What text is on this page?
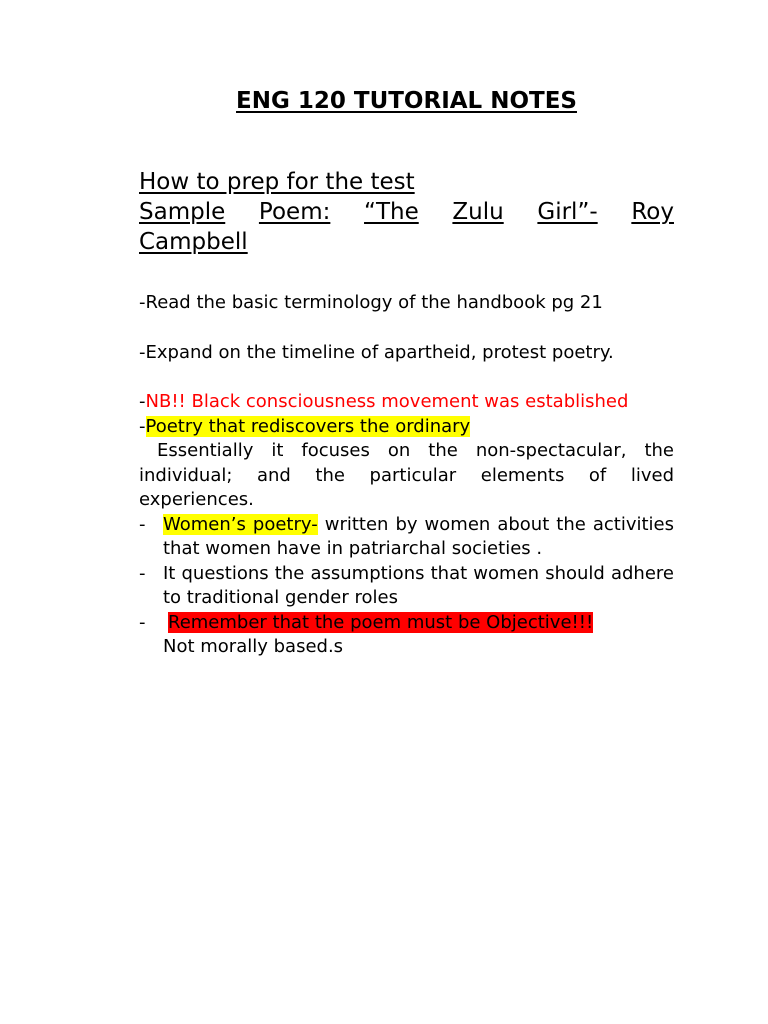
ENG 120 TUTORIAL NOTES

How to prep for the test

Sample Poem: “The Zulu Girl”- Roy

Campbell

-Read the basic terminology of the handbook pg 21

-Expand on the timeline of apartheid, protest poetry.

-NB!! Black consciousness movement was established

-Poetry that rediscovers the ordinary

Essentially it focuses on the non-spectacular, the individual; and the particular elements of lived experiences.

- Women’s poetry- written by women about the activities that women have in patriarchal societies .
- It questions the assumptions that women should adhere to traditional gender roles
- Remember that the poem must be Objective!!!
Not morally based.s
